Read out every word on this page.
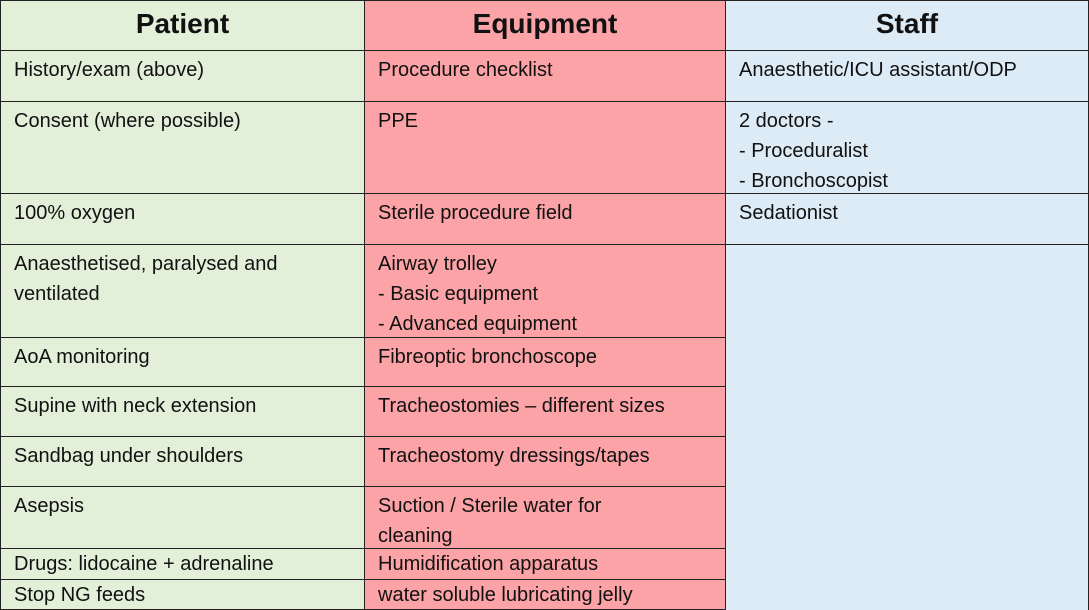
Patient	Equipment	Staff
History/exam (above)
Consent (where possible)
100% oxygen
Anaesthetised, paralysed and
ventilated
AoA monitoring
Supine with neck extension
Sandbag under shoulders
Asepsis
Drugs: lidocaine + adrenaline
Stop NG feeds
Procedure checklist
PPE
Sterile procedure field
Airway trolley
- Basic equipment
- Advanced equipment
Fibreoptic bronchoscope
Tracheostomies – different sizes
Tracheostomy dressings/tapes
Suction / Sterile water for
cleaning
Humidification apparatus
water soluble lubricating jelly
Anaesthetic/ICU assistant/ODP
2 doctors -
- Proceduralist
- Bronchoscopist
Sedationist
